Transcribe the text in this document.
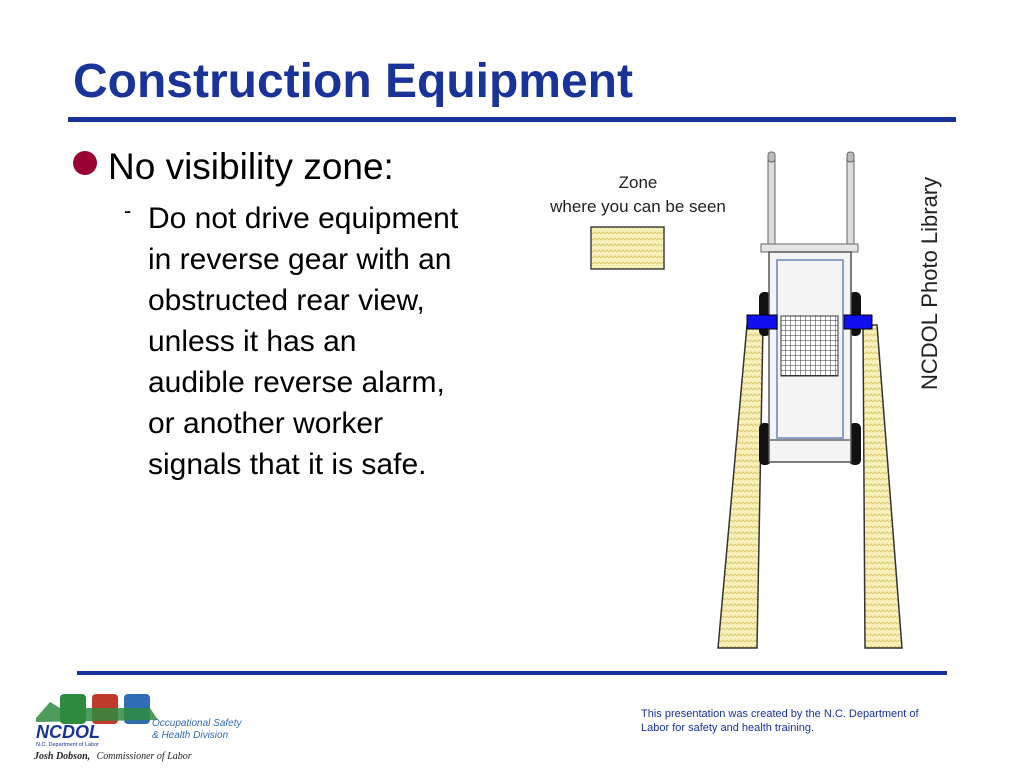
Construction Equipment
No visibility zone:
- Do not drive equipment
in reverse gear with an
obstructed rear view,
unless it has an
audible reverse alarm,
or another worker
signals that it is safe.
Zone
where you can be seen	NCDOL Photo Library
NCDOL
N.C. Department of Labor
Occupational Safety
& Health Division
Josh Dobson, Commissioner of Labor
This presentation was created by the N.C. Department of
Labor for safety and health training.
